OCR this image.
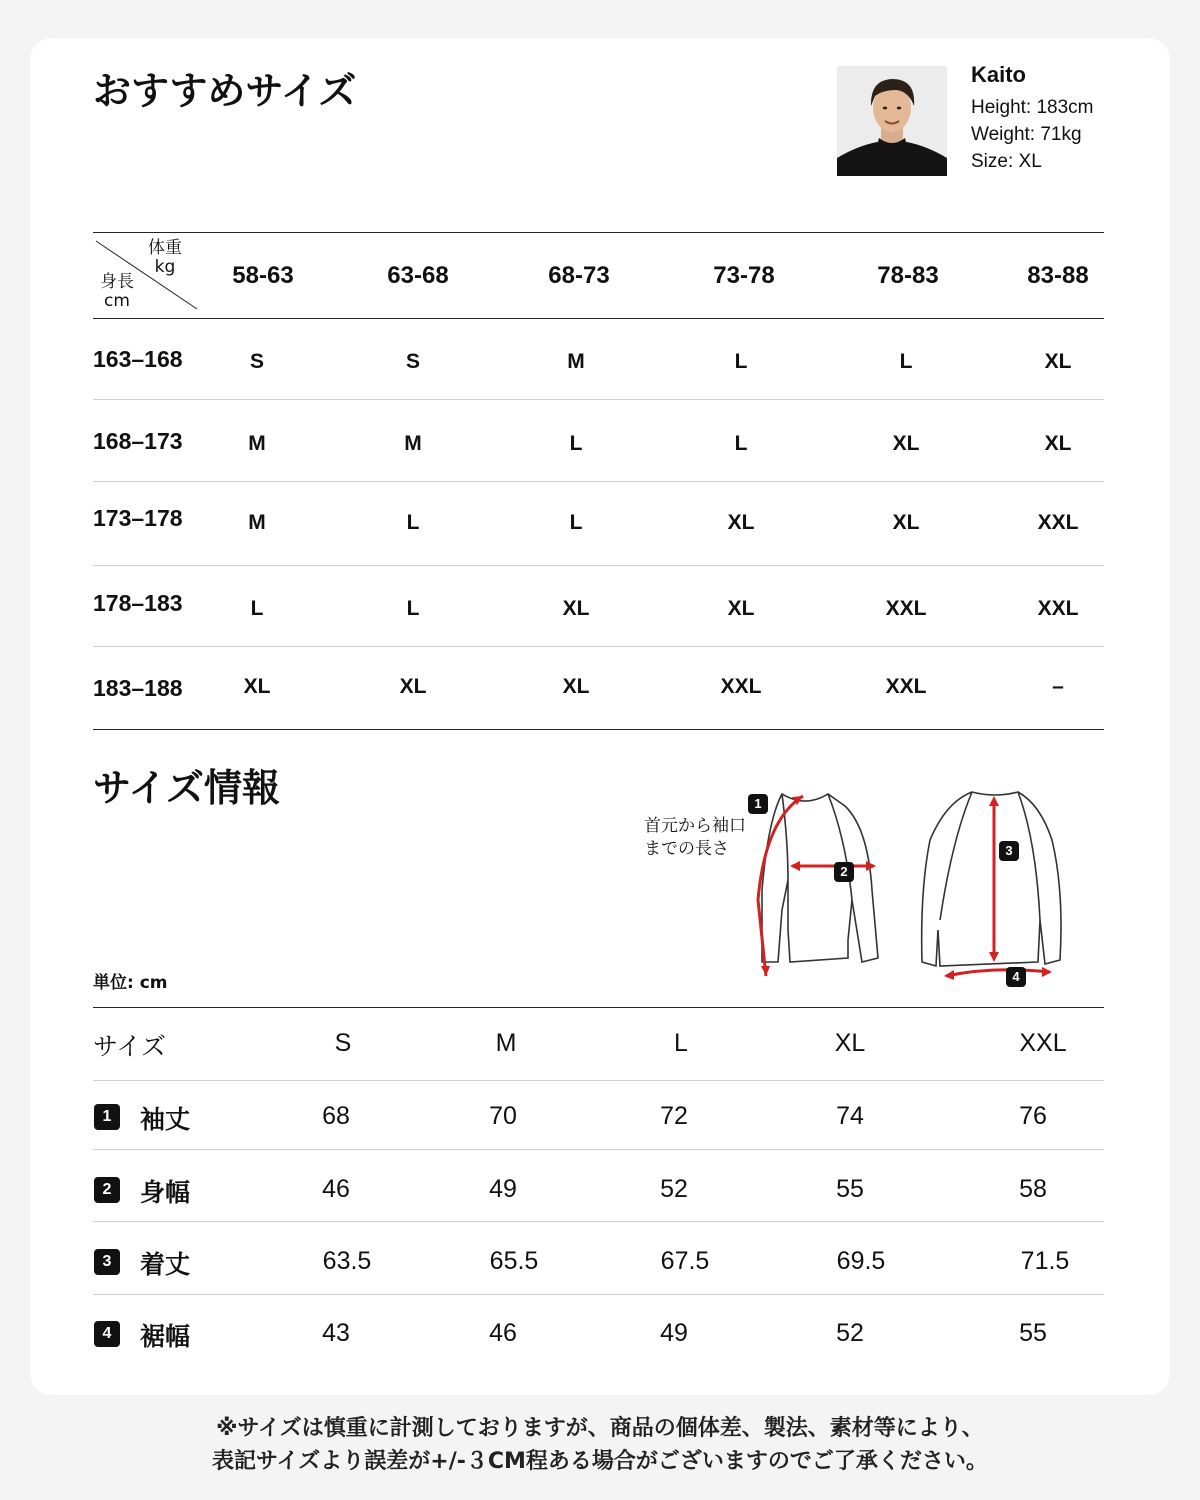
おすすめサイズ	Kaito
Height: 183cm
Weight: 71kg
Size: XL
体重
kg
身長
cm
58-63	63-68	68-73	73-78	78-83	83-88
163–168	S	S	M	L	L	XL
168–173	M	M	L	L	XL	XL
173–178	M	L	L	XL	XL	XXL
178–183	L	L	XL	XL	XXL	XXL
183–188	XL	XL	XL	XXL	XXL	–
サイズ情報
首元から袖口
までの長さ
1
2
3
4
単位: cm
サイズ	S	M	L	XL	XXL
1	袖丈	68	70	72	74	76
2	身幅	46	49	52	55	58
3	着丈	63.5	65.5	67.5	69.5	71.5
4	裾幅	43	46	49	52	55
※サイズは慎重に計測しておりますが、商品の個体差、製法、素材等により、
表記サイズより誤差が+/-３CM程ある場合がございますのでご了承ください。
